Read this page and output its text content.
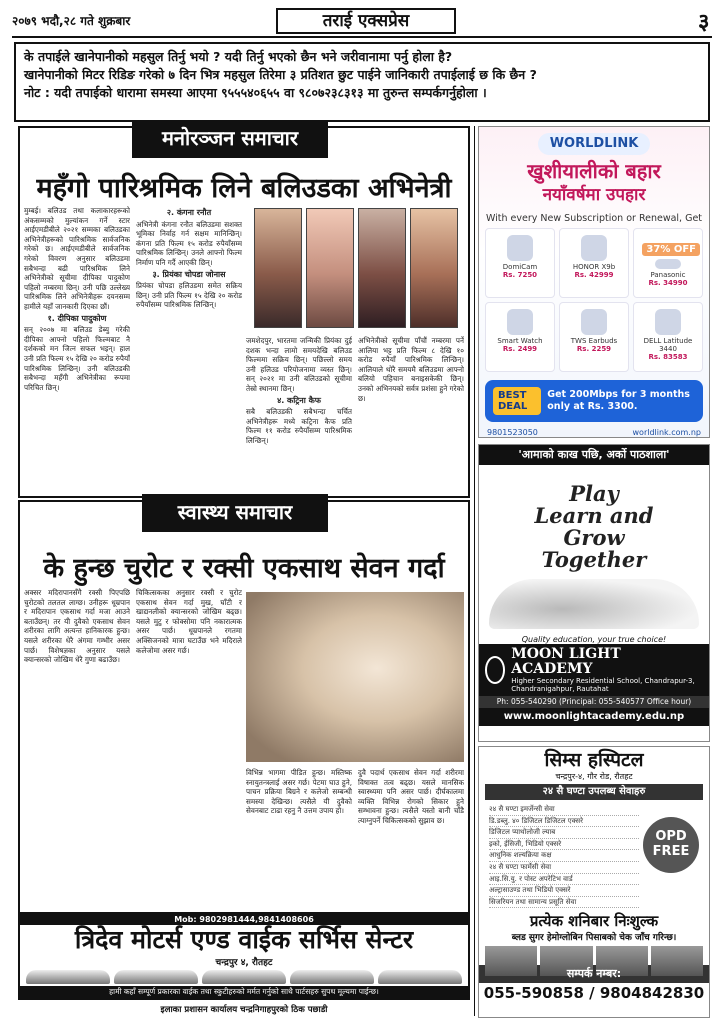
२०७९ भदौ,२८ गते शुक्रबार	तराई एक्सप्रेस	३

के तपाईले खानेपानीको महसुल तिर्नु भयो ? यदी तिर्नु भएको छैन भने जरीवानामा पर्नु होला है?

खानेपानीको मिटर रिडिङ गरेको ७ दिन भित्र महसुल तिरेमा ३ प्रतिशत छुट पाईने जानिकारी तपाईलाई छ कि छैन ?

नोट : यदी तपाईको धारामा समस्या आएमा ९५५५४०६५५ वा ९८०७२३८३१३ मा तुरुन्त सम्पर्कगर्नुहोला ।

मनोरञ्जन समाचार
महँगो पारिश्रमिक लिने बलिउडका अभिनेत्री
मुम्बई। बलिउड तथा कलाकारहरूको अंकसम्मको मुल्यांकन गर्ने स्टार आईएमडीबीले २०२१ सम्मका बलिउडका अभिनेत्रीहरूको पारिश्रमिक सार्वजनिक गरेको छ। आईएमडीबीले सार्वजनिक गरेको विवरण अनुसार बलिउडमा सबैभन्दा बढी पारिश्रमिक लिने अभिनेत्रीको सूचीमा दीपिका पादुकोण पहिलो नम्बरमा छिन्। उनी पछि उल्लेख्य पारिश्रमिक लिने अभिनेत्रीहरू दयनसम्म हामीले यहाँ जानकारी दिएका छौं।
१. दीपिका पादुकोण
सन् २००७ मा बलिउड डेब्यु गरेकी दीपिका आफ्नो पहिलो फिल्मबाट नै दर्शकको मन जित्न सफल भइन्। हाल उनी प्रति फिल्म १५ देखि २० करोड रुपैयाँ पारिश्रमिक लिन्छिन्। उनी बलिउडकी सबैभन्दा महँगी अभिनेत्रीका रूपमा परिचित छिन्।
२. कंगना रनौत
अभिनेत्री कंगना रनौत बलिउडमा सशक्त भूमिका निर्वाह गर्न सक्षम मानिन्छिन्। कंगना प्रति फिल्म १५ करोड रुपैयाँसम्म पारिश्रमिक लिन्छिन्। उनले आफ्नो फिल्म निर्माण पनि गर्दै आएकी छिन्।
३. प्रियंका चोपडा जोनास
प्रियंका चोपडा हलिउडमा समेत सक्रिय छिन्। उनी प्रति फिल्म १५ देखि २० करोड रुपैयाँसम्म पारिश्रमिक लिन्छिन्।
जमशेदपुर, भारतमा जन्मिकी प्रियंका दुई दशक भन्दा लामो समयदेखि बलिउड फिल्ममा सक्रिय छिन्। पछिल्लो समय उनी हलिउड परियोजनामा व्यस्त छिन्। सन् २०२१ मा उनी बलिउडको सूचीमा तेस्रो स्थानमा छिन्।
४. कट्रिना कैफ
सबै बलिउडकी सबैभन्दा चर्चित अभिनेत्रीहरू मध्ये कट्रिना कैफ प्रति फिल्म ११ करोड रुपैयाँसम्म पारिश्रमिक लिन्छिन्।
अभिनेत्रीको सूचीमा पाँचौं नम्बरमा पर्ने आलिया भट्ट प्रति फिल्म ८ देखि १० करोड रुपैयाँ पारिश्रमिक लिन्छिन्। आलियाले थोरै समयमै बलिउडमा आफ्नो बलियो पहिचान बनाइसकेकी छिन्। उनको अभिनयको सर्वत्र प्रशंसा हुने गरेको छ।
स्वास्थ्य समाचार
के हुन्छ चुरोट र रक्सी एकसाथ सेवन गर्दा
अक्सर मदिरापानसँगै रक्सी पिएपछि चुरोटको तलतल लाग्छ। उनीहरू धूम्रपान र मदिरापान एकसाथ गर्दा मजा आउने बताउँछन्। तर यी दुवैको एकसाथ सेवन शरीरका लागि अत्यन्त हानिकारक हुन्छ। यसले शरीरका धेरै अंगमा गम्भीर असर पार्छ। विशेषज्ञका अनुसार यसले क्यान्सरको जोखिम धेरै गुणा बढाउँछ।
चिकित्सकका अनुसार रक्सी र चुरोट एकसाथ सेवन गर्दा मुख, घाँटी र खाद्यनलीको क्यान्सरको जोखिम बढ्छ। यसले मुटु र फोक्सोमा पनि नकारात्मक असर पार्छ। धूम्रपानले रगतमा अक्सिजनको मात्रा घटाउँछ भने मदिराले कलेजोमा असर गर्छ।
विभिन्न भागमा पीडित हुन्छ। मस्तिष्क स्नायुतन्त्रलाई असर गर्छ। पेटमा घाउ हुने, पाचन प्रक्रिया बिग्रने र कलेजो सम्बन्धी समस्या देखिन्छ। त्यसैले यी दुवैको सेवनबाट टाढा रहनु नै उत्तम उपाय हो।
दुवै पदार्थ एकसाथ सेवन गर्दा शरीरमा विषाक्त तत्व बढ्छ। यसले मानसिक स्वास्थ्यमा पनि असर पार्छ। दीर्घकालमा व्यक्ति विभिन्न रोगको सिकार हुने सम्भावना हुन्छ। त्यसैले यस्तो बानी चाँडै त्याग्नुपर्ने चिकित्सकको सुझाव छ।
Mob: 9802981444,9841408606
त्रिदेव मोटर्स एण्ड वाईक सर्भिस सेन्टर
चन्द्रपुर ४, रौतहट
हामी कहाँ सम्पूर्ण प्रकारका वाईक तथा स्कुटीहरुको मर्मत गर्नुको साथै पार्टसहरु सुपथ मूल्यमा पाईन्छ।
इलाका प्रशासन कार्यालय चन्द्रनिगाहपुरको ठिक पछाडी
WORLDLINK
खुशीयालीको बहार
नयाँवर्षमा उपहार
With every New Subscription or Renewal, Get
DomiCam
Rs. 7250
HONOR X9b
Rs. 42999
37% OFF
Panasonic
Rs. 34990
Smart Watch
Rs. 2499
TWS Earbuds
Rs. 2259
DELL Latitude 3440
Rs. 83583
BEST DEAL
Get 200Mbps for 3 months only at Rs. 3300.
9801523050	worldlink.com.np
'आमाको काख पछि, अर्को पाठशाला'
Play
Learn and
Grow
Together
Quality education, your true choice!
MOON LIGHT ACADEMY
Higher Secondary Residential School, Chandrapur-3, Chandranigahpur, Rautahat
Ph: 055-540290 (Principal: 055-540577 Office hour)
www.moonlightacademy.edu.np
सिम्स हस्पिटल
चन्द्रपुर-४, गौर रोड, रौतहट
२४ सै घण्टा उपलब्ध सेवाहरु
OPD
FREE
२४ सै घण्टा इमर्जेन्सी सेवा
डि.डब्लु. ४० डिजिटल डिजिटल एक्सरे
डिजिटल प्याथोलोजी ल्याब
इको, ईसिजी, भिडियो एक्सरे
आधुनिक शल्यक्रिया कक्ष
२४ सै घण्टा फार्मेसी सेवा
आइ.सि.यु. र पोस्ट अपरेटिभ वार्ड
अल्ट्रासाउण्ड तथा भिडियो एक्सरे
सिजरियन तथा सामान्य प्रसूति सेवा
प्रत्येक शनिबार निःशुल्क
ब्लड सुगर हेमोग्लोबिन पिसाबको चेक जाँच गरिन्छ।
सम्पर्क नम्बर:
055-590858 / 9804842830
